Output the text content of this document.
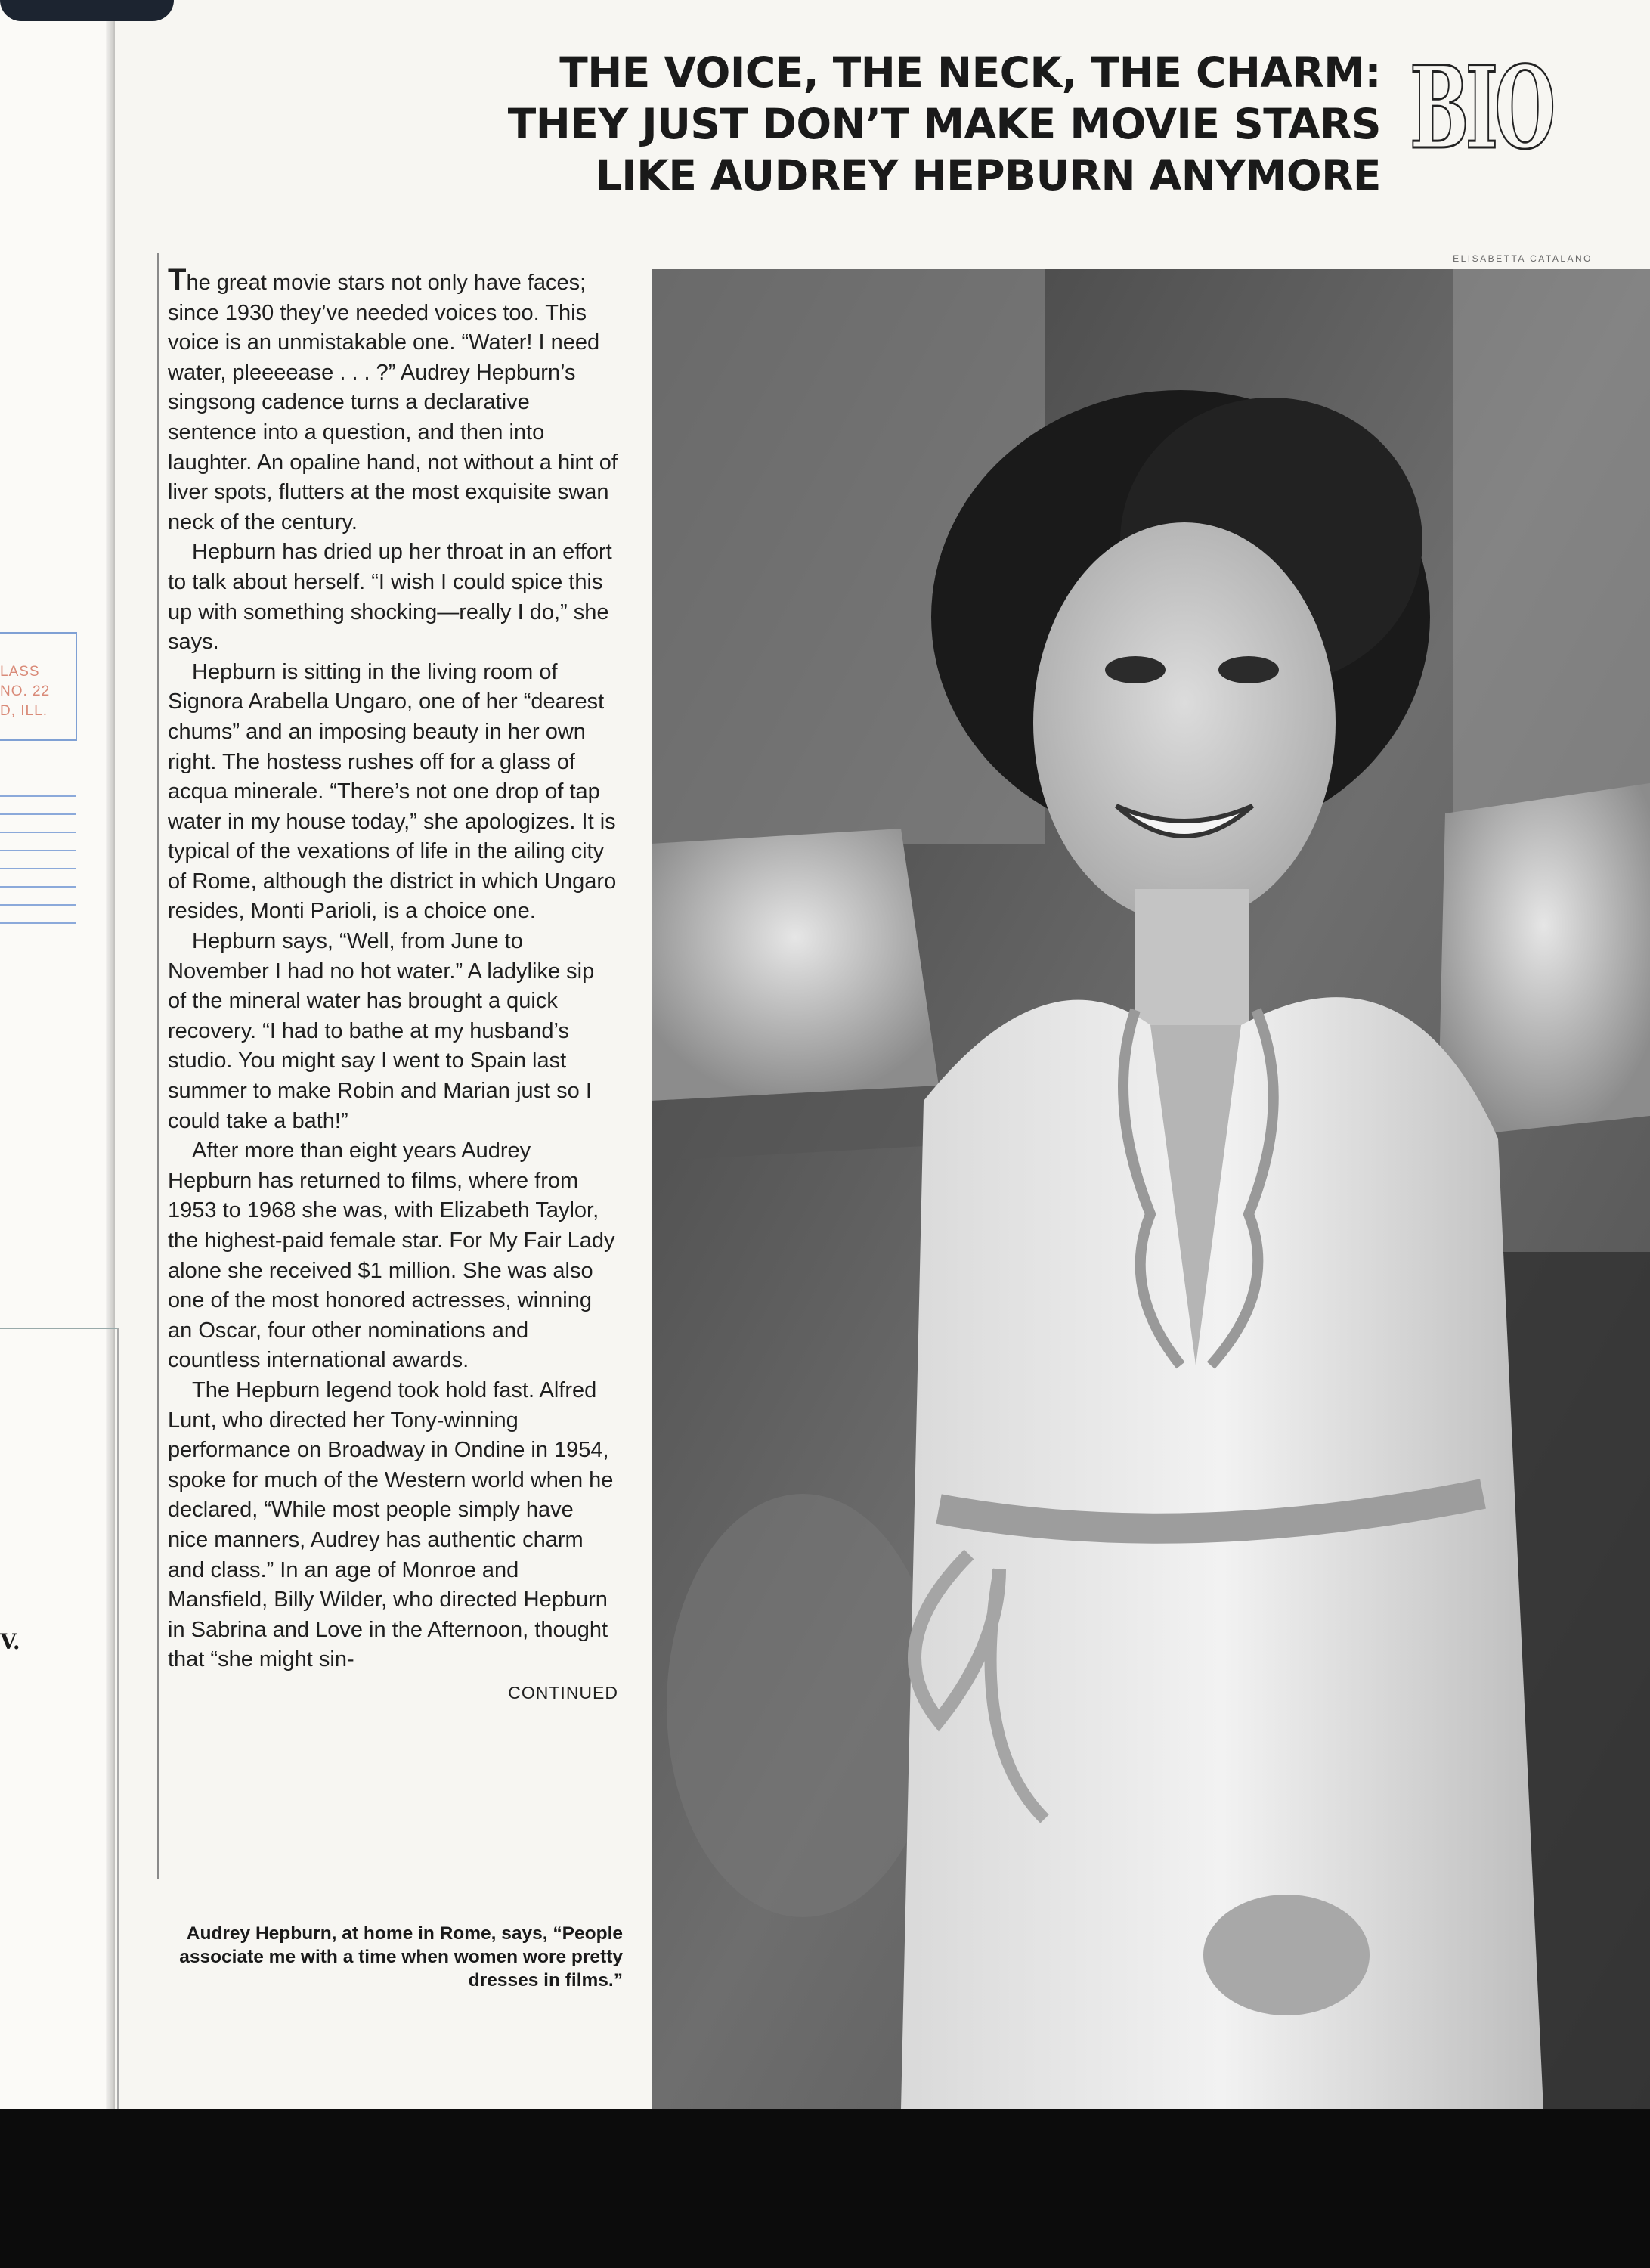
LASS
NO. 22
D, ILL.
V.
THE VOICE, THE NECK, THE CHARM:
THEY JUST DON’T MAKE MOVIE STARS
LIKE AUDREY HEPBURN ANYMORE
BIO
ELISABETTA CATALANO

The great movie stars not only have faces; since 1930 they’ve needed voices too. This voice is an unmistakable one. “Water! I need water, pleeeease . . . ?” Audrey Hepburn’s singsong cadence turns a declarative sentence into a question, and then into laughter. An opaline hand, not without a hint of liver spots, flutters at the most exquisite swan neck of the century.

Hepburn has dried up her throat in an effort to talk about herself. “I wish I could spice this up with something shocking—really I do,” she says.

Hepburn is sitting in the living room of Signora Arabella Ungaro, one of her “dearest chums” and an imposing beauty in her own right. The hostess rushes off for a glass of acqua minerale. “There’s not one drop of tap water in my house today,” she apologizes. It is typical of the vexations of life in the ailing city of Rome, although the district in which Ungaro resides, Monti Parioli, is a choice one.

Hepburn says, “Well, from June to November I had no hot water.” A ladylike sip of the mineral water has brought a quick recovery. “I had to bathe at my husband’s studio. You might say I went to Spain last summer to make Robin and Marian just so I could take a bath!”

After more than eight years Audrey Hepburn has returned to films, where from 1953 to 1968 she was, with Elizabeth Taylor, the highest-paid female star. For My Fair Lady alone she received $1 million. She was also one of the most honored actresses, winning an Oscar, four other nominations and countless international awards.

The Hepburn legend took hold fast. Alfred Lunt, who directed her Tony-winning performance on Broadway in Ondine in 1954, spoke for much of the Western world when he declared, “While most people simply have nice manners, Audrey has authentic charm and class.” In an age of Monroe and Mansfield, Billy Wilder, who directed Hepburn in Sabrina and Love in the Afternoon, thought that “she might sin-

CONTINUED

Audrey Hepburn, at home in Rome, says, “People associate me with a time when women wore pretty dresses in films.”
